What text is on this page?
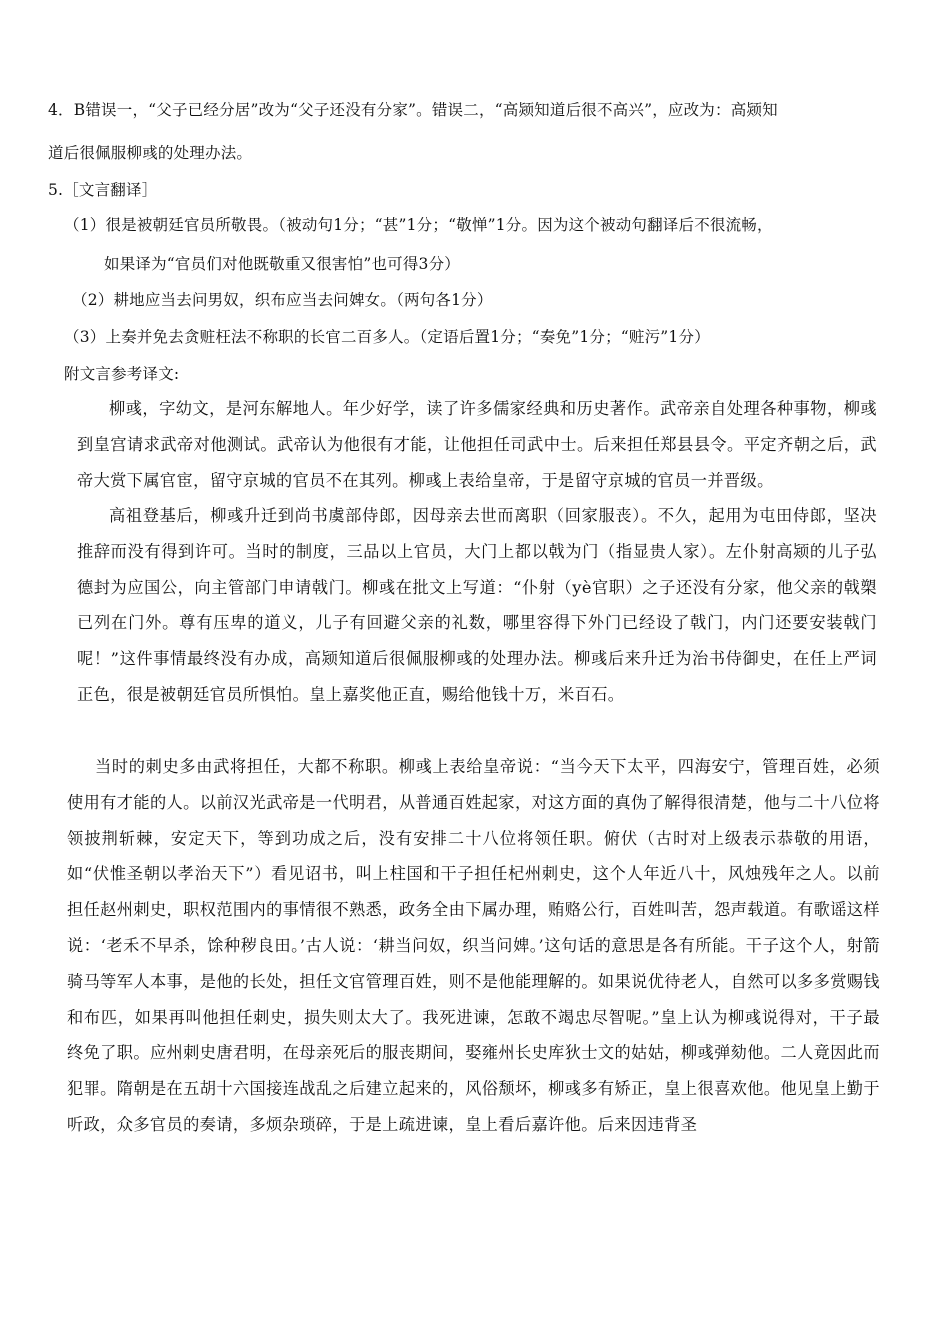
4．B错误一，“父子已经分居”改为“父子还没有分家”。错误二，“高颎知道后很不高兴”，应改为：高颎知
道后很佩服柳彧的处理办法。
5.［文言翻译］
（1）很是被朝廷官员所敬畏。（被动句1分；“甚”1分；“敬惮”1分。因为这个被动句翻译后不很流畅，
如果译为“官员们对他既敬重又很害怕”也可得3分）
（2）耕地应当去问男奴，织布应当去问婢女。（两句各1分）
（3）上奏并免去贪赃枉法不称职的长官二百多人。（定语后置1分；“奏免”1分；“赃污”1分）
附文言参考译文:
柳彧，字幼文，是河东解地人。年少好学，读了许多儒家经典和历史著作。武帝亲自处理各种事物，柳彧到皇宫请求武帝对他测试。武帝认为他很有才能，让他担任司武中士。后来担任郑县县令。平定齐朝之后，武帝大赏下属官宦，留守京城的官员不在其列。柳彧上表给皇帝，于是留守京城的官员一并晋级。
高祖登基后，柳彧升迁到尚书虞部侍郎，因母亲去世而离职（回家服丧）。不久，起用为屯田侍郎，坚决推辞而没有得到许可。当时的制度，三品以上官员，大门上都以戟为门（指显贵人家）。左仆射高颎的儿子弘德封为应国公，向主管部门申请戟门。柳彧在批文上写道：“仆射（yè官职）之子还没有分家，他父亲的戟槊已列在门外。尊有压卑的道义，儿子有回避父亲的礼数，哪里容得下外门已经设了戟门，内门还要安装戟门呢！”这件事情最终没有办成，高颎知道后很佩服柳彧的处理办法。柳彧后来升迁为治书侍御史，在任上严词正色，很是被朝廷官员所惧怕。皇上嘉奖他正直，赐给他钱十万，米百石。
当时的刺史多由武将担任，大都不称职。柳彧上表给皇帝说：“当今天下太平，四海安宁，管理百姓，必须使用有才能的人。以前汉光武帝是一代明君，从普通百姓起家，对这方面的真伪了解得很清楚，他与二十八位将领披荆斩棘，安定天下，等到功成之后，没有安排二十八位将领任职。俯伏（古时对上级表示恭敬的用语，如“伏惟圣朝以孝治天下”）看见诏书，叫上柱国和干子担任杞州刺史，这个人年近八十，风烛残年之人。以前担任赵州刺史，职权范围内的事情很不熟悉，政务全由下属办理，贿赂公行，百姓叫苦，怨声载道。有歌谣这样说：‘老禾不早杀，馀种秽良田。’古人说：‘耕当问奴，织当问婢。’这句话的意思是各有所能。干子这个人，射箭骑马等军人本事，是他的长处，担任文官管理百姓，则不是他能理解的。如果说优待老人，自然可以多多赏赐钱和布匹，如果再叫他担任刺史，损失则太大了。我死进谏，怎敢不竭忠尽智呢。”皇上认为柳彧说得对，干子最终免了职。应州刺史唐君明，在母亲死后的服丧期间，娶雍州长史库狄士文的姑姑，柳彧弹劾他。二人竟因此而犯罪。隋朝是在五胡十六国接连战乱之后建立起来的，风俗颓坏，柳彧多有矫正，皇上很喜欢他。他见皇上勤于听政，众多官员的奏请，多烦杂琐碎，于是上疏进谏，皇上看后嘉许他。后来因违背圣
